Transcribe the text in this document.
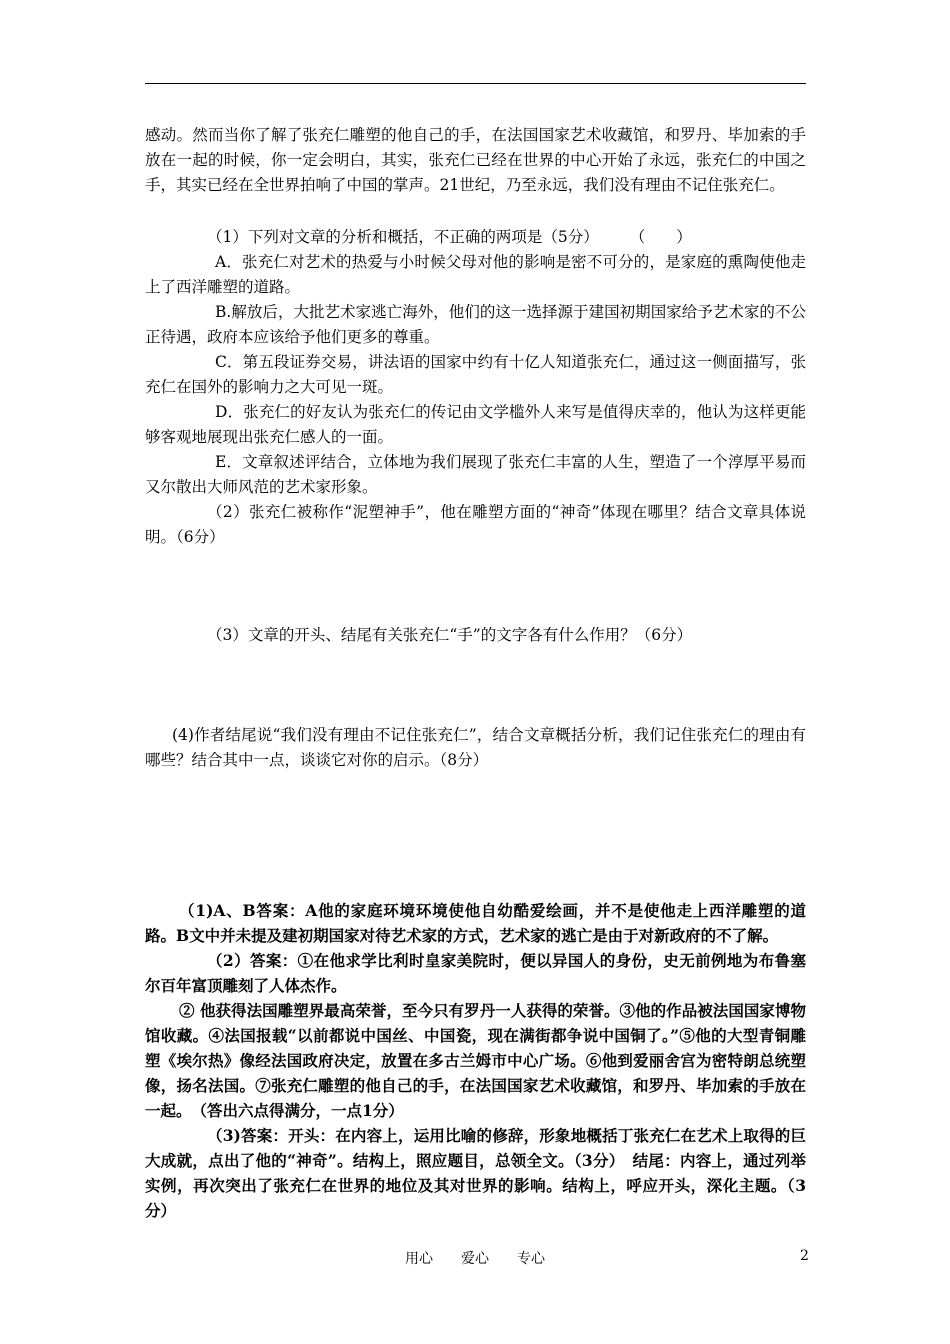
感动。然而当你了解了张充仁雕塑的他自己的手，在法国国家艺术收藏馆，和罗丹、毕加索的手放在一起的时候，你一定会明白，其实，张充仁已经在世界的中心开始了永远，张充仁的中国之手，其实已经在全世界拍响了中国的掌声。21世纪，乃至永远，我们没有理由不记住张充仁。

（1）下列对文章的分析和概括，不正确的两项是（5分）　　　（　　）

A．张充仁对艺术的热爱与小时候父母对他的影响是密不可分的，是家庭的熏陶使他走上了西洋雕塑的道路。

B.解放后，大批艺术家逃亡海外，他们的这一选择源于建国初期国家给予艺术家的不公正待遇，政府本应该给予他们更多的尊重。

C．第五段证券交易，讲法语的国家中约有十亿人知道张充仁，通过这一侧面描写，张充仁在国外的影响力之大可见一斑。

D．张充仁的好友认为张充仁的传记由文学槛外人来写是值得庆幸的，他认为这样更能够客观地展现出张充仁感人的一面。

E．文章叙述评结合，立体地为我们展现了张充仁丰富的人生，塑造了一个淳厚平易而又尔散出大师风范的艺术家形象。

（2）张充仁被称作“泥塑神手”，他在雕塑方面的“神奇”体现在哪里？结合文章具体说明。（6分）

（3）文章的开头、结尾有关张充仁“手”的文字各有什么作用？（6分）

(4)作者结尾说“我们没有理由不记住张充仁”，结合文章概括分析，我们记住张充仁的理由有哪些？结合其中一点，谈谈它对你的启示。（8分）

（1)A、B答案：A他的家庭环境环境使他自幼酷爱绘画，并不是使他走上西洋雕塑的道路。B文中并未提及建初期国家对待艺术家的方式，艺术家的逃亡是由于对新政府的不了解。

（2）答案：①在他求学比利时皇家美院时，便以异国人的身份，史无前例地为布鲁塞尔百年富顶雕刻了人体杰作。

② 他获得法国雕塑界最高荣誉，至今只有罗丹一人获得的荣誉。③他的作品被法国国家博物馆收藏。④法国报载“以前都说中国丝、中国瓷，现在满街都争说中国铜了。”⑤他的大型青铜雕塑《埃尔热》像经法国政府决定，放置在多古兰姆市中心广场。⑥他到爱丽舍宫为密特朗总统塑像，扬名法国。⑦张充仁雕塑的他自己的手，在法国国家艺术收藏馆，和罗丹、毕加索的手放在一起。　（答出六点得满分，一点1分）

（3)答案：开头：在内容上，运用比喻的修辞，形象地概括丁张充仁在艺术上取得的巨大成就，点出了他的“神奇”。结构上，照应题目，总领全文。（3分）　结尾：内容上，通过列举实例，再次突出了张充仁在世界的地位及其对世界的影响。结构上，呼应开头，深化主题。（3分）

用心　　爱心　　专心	2
